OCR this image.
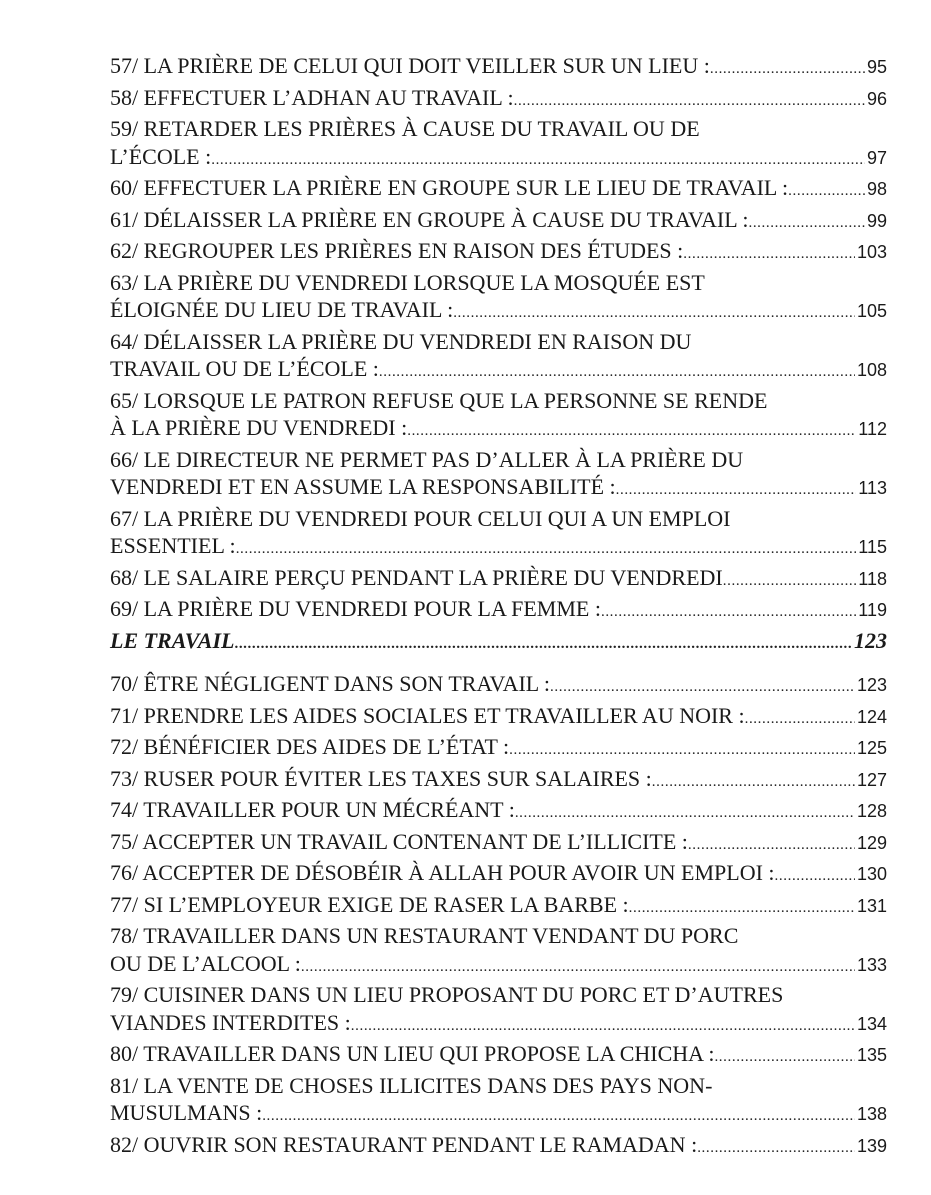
57/ LA PRIÈRE DE CELUI QUI DOIT VEILLER SUR UN LIEU : .....	95
58/ EFFECTUER L’ADHAN AU TRAVAIL : .....	96
59/ RETARDER LES PRIÈRES À CAUSE DU TRAVAIL OU DE
L’ÉCOLE : .....	97
60/ EFFECTUER LA PRIÈRE EN GROUPE SUR LE LIEU DE TRAVAIL : .....	98
61/ DÉLAISSER LA PRIÈRE EN GROUPE À CAUSE DU TRAVAIL : .....	99
62/ REGROUPER LES PRIÈRES EN RAISON DES ÉTUDES : .....	103
63/ LA PRIÈRE DU VENDREDI LORSQUE LA MOSQUÉE EST
ÉLOIGNÉE DU LIEU DE TRAVAIL : .....	105
64/ DÉLAISSER LA PRIÈRE DU VENDREDI EN RAISON DU
TRAVAIL OU DE L’ÉCOLE : .....	108
65/ LORSQUE LE PATRON REFUSE QUE LA PERSONNE SE RENDE
À LA PRIÈRE DU VENDREDI : .....	112
66/ LE DIRECTEUR NE PERMET PAS D’ALLER À LA PRIÈRE DU
VENDREDI ET EN ASSUME LA RESPONSABILITÉ : .....	113
67/ LA PRIÈRE DU VENDREDI POUR CELUI QUI A UN EMPLOI
ESSENTIEL : .....	115
68/ LE SALAIRE PERÇU PENDANT LA PRIÈRE DU VENDREDI .....	118
69/ LA PRIÈRE DU VENDREDI POUR LA FEMME : .....	119
LE TRAVAIL .....	123
70/ ÊTRE NÉGLIGENT DANS SON TRAVAIL : .....	123
71/ PRENDRE LES AIDES SOCIALES ET TRAVAILLER AU NOIR : .....	124
72/ BÉNÉFICIER DES AIDES DE L’ÉTAT : .....	125
73/ RUSER POUR ÉVITER LES TAXES SUR SALAIRES : .....	127
74/ TRAVAILLER POUR UN MÉCRÉANT : .....	128
75/ ACCEPTER UN TRAVAIL CONTENANT DE L’ILLICITE : .....	129
76/ ACCEPTER DE DÉSOBÉIR À ALLAH POUR AVOIR UN EMPLOI : .....	130
77/ SI L’EMPLOYEUR EXIGE DE RASER LA BARBE : .....	131
78/ TRAVAILLER DANS UN RESTAURANT VENDANT DU PORC
OU DE L’ALCOOL : .....	133
79/ CUISINER DANS UN LIEU PROPOSANT DU PORC ET D’AUTRES
VIANDES INTERDITES : .....	134
80/ TRAVAILLER DANS UN LIEU QUI PROPOSE LA CHICHA : .....	135
81/ LA VENTE DE CHOSES ILLICITES DANS DES PAYS NON-
MUSULMANS : .....	138
82/ OUVRIR SON RESTAURANT PENDANT LE RAMADAN : .....	139
